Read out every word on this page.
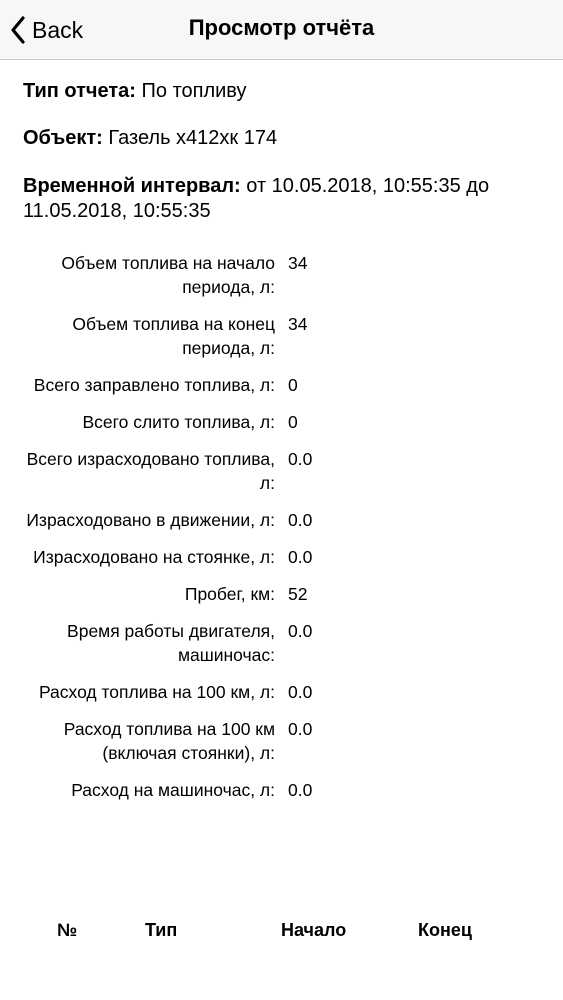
Back	Просмотр отчёта
Тип отчета: По топливу
Объект: Газель х412хк 174
Временной интервал: от 10.05.2018, 10:55:35 до 11.05.2018, 10:55:35
Объем топлива на начало периода, л:
34
Объем топлива на конец периода, л:
34
Всего заправлено топлива, л: 0
Всего слито топлива, л: 0
Всего израсходовано топлива, л:
0.0
Израсходовано в движении, л: 0.0
Израсходовано на стоянке, л: 0.0
Пробег, км: 52
Время работы двигателя, машиночас:
0.0
Расход топлива на 100 км, л: 0.0
Расход топлива на 100 км (включая стоянки), л:
0.0
Расход на машиночас, л: 0.0
№	Тип	Начало	Конец
